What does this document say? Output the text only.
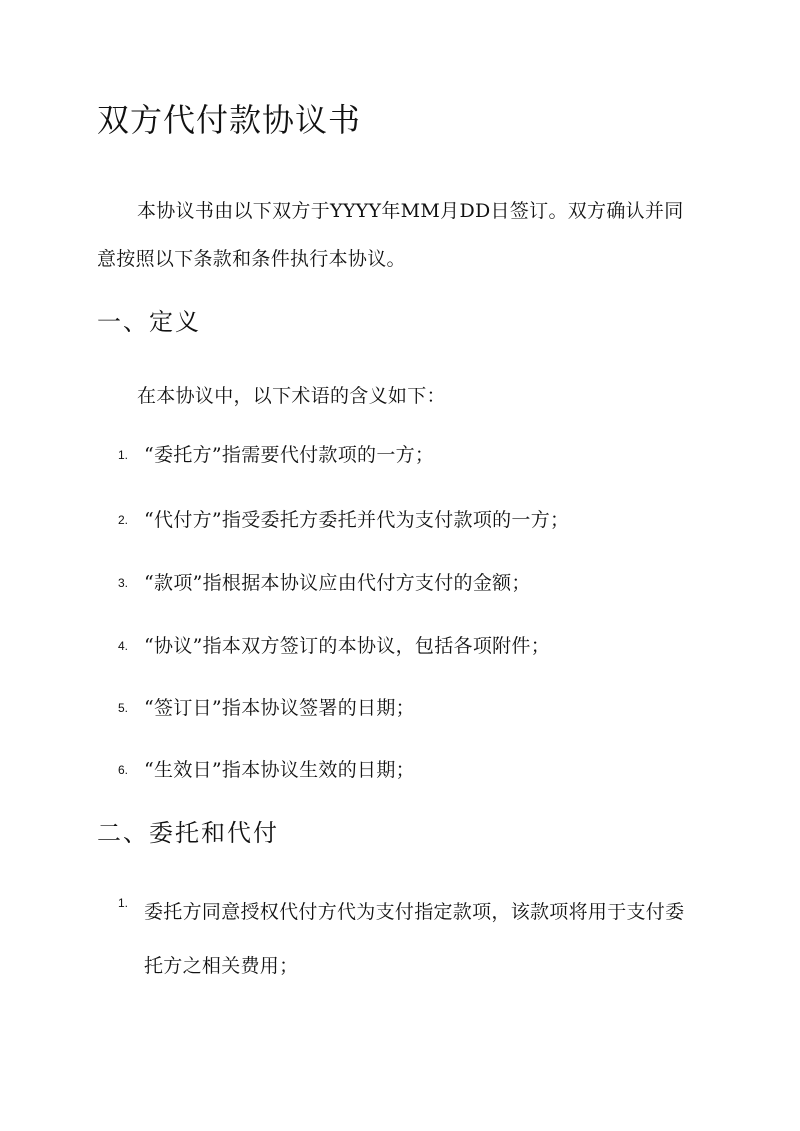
双方代付款协议书

本协议书由以下双方于YYYY年MM月DD日签订。双方确认并同意按照以下条款和条件执行本协议。

一、定义

在本协议中，以下术语的含义如下：

1. “委托方”指需要代付款项的一方；
2. “代付方”指受委托方委托并代为支付款项的一方；
3. “款项”指根据本协议应由代付方支付的金额；
4. “协议”指本双方签订的本协议，包括各项附件；
5. “签订日”指本协议签署的日期；
6. “生效日”指本协议生效的日期；
二、委托和代付
1. 委托方同意授权代付方代为支付指定款项，该款项将用于支付委托方之相关费用；
